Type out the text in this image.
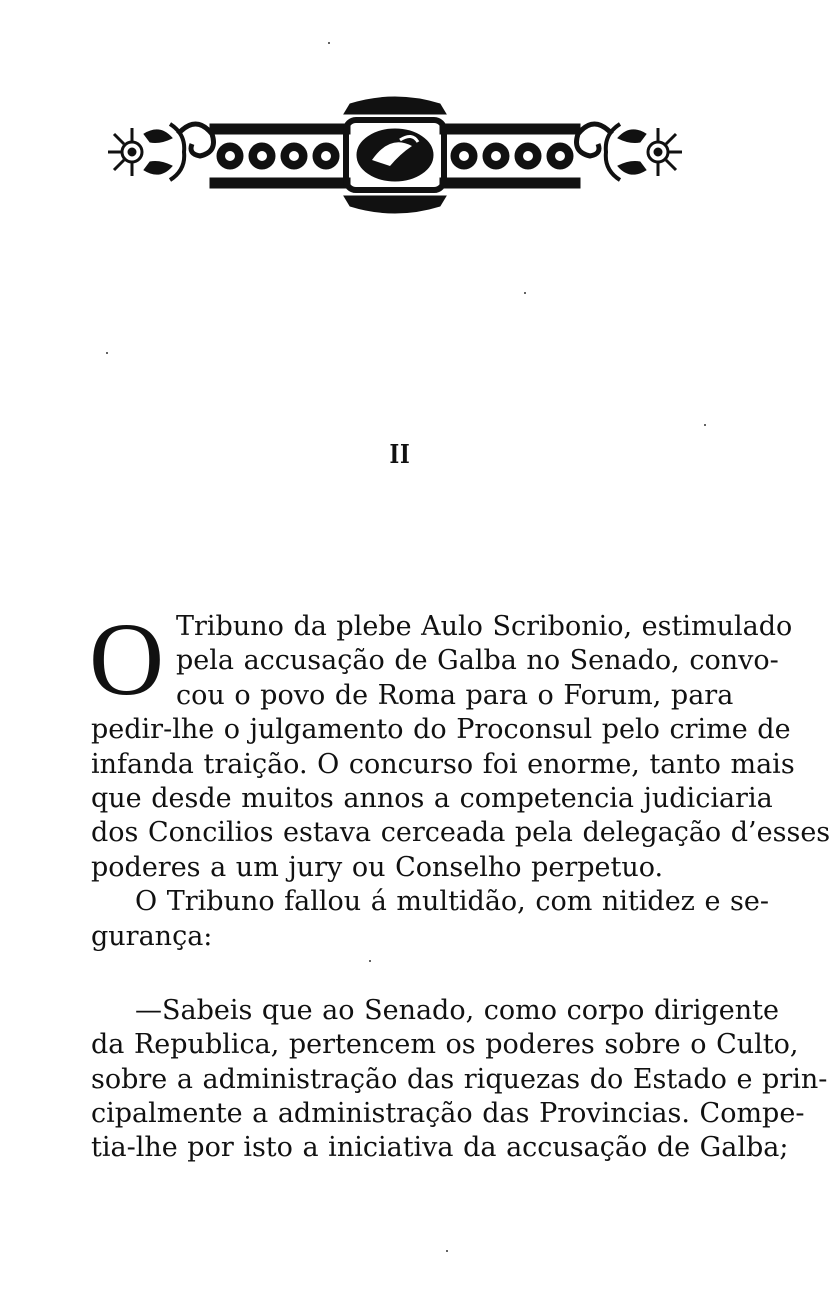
II
O Tribuno da plebe Aulo Scribonio, estimulado
pela accusação de Galba no Senado, convo-
cou o povo de Roma para o Forum, para
pedir-lhe o julgamento do Proconsul pelo crime de
infanda traição. O concurso foi enorme, tanto mais
que desde muitos annos a competencia judiciaria
dos Concilios estava cerceada pela delegação d’esses
poderes a um jury ou Conselho perpetuo.
O Tribuno fallou á multidão, com nitidez e se-
gurança:
—Sabeis que ao Senado, como corpo dirigente
da Republica, pertencem os poderes sobre o Culto,
sobre a administração das riquezas do Estado e prin-
cipalmente a administração das Provincias. Compe-
tia-lhe por isto a iniciativa da accusação de Galba;
